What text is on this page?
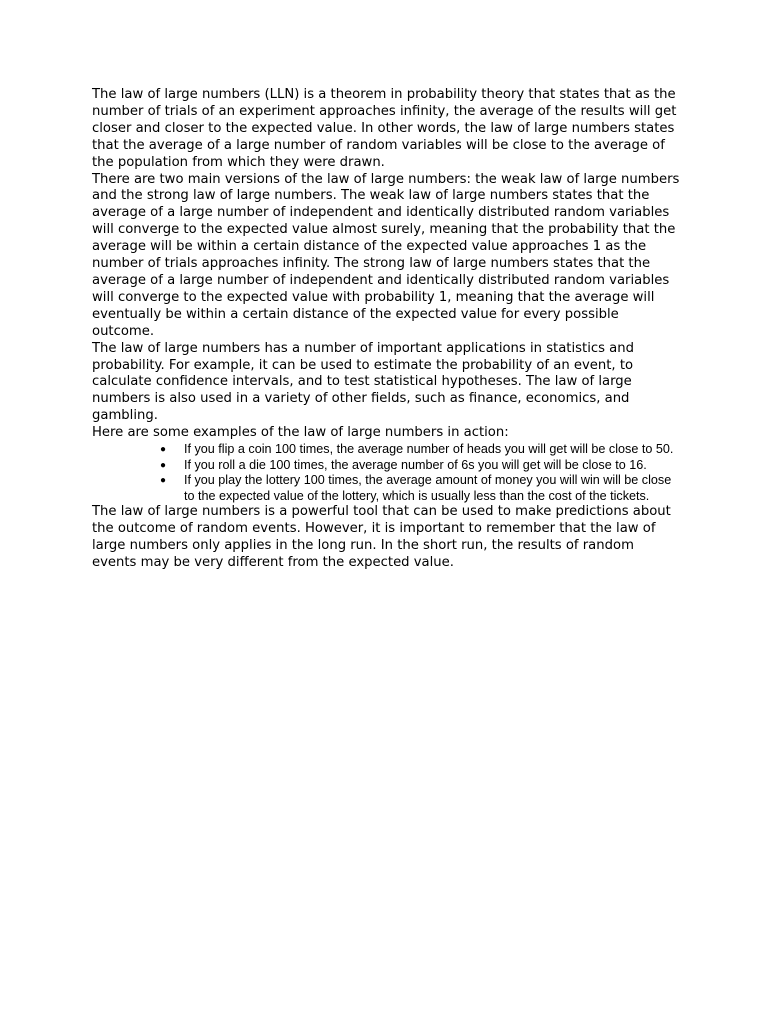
The law of large numbers (LLN) is a theorem in probability theory that states that as the number of trials of an experiment approaches infinity, the average of the results will get closer and closer to the expected value. In other words, the law of large numbers states that the average of a large number of random variables will be close to the average of the population from which they were drawn.

There are two main versions of the law of large numbers: the weak law of large numbers and the strong law of large numbers. The weak law of large numbers states that the average of a large number of independent and identically distributed random variables will converge to the expected value almost surely, meaning that the probability that the average will be within a certain distance of the expected value approaches 1 as the number of trials approaches infinity. The strong law of large numbers states that the average of a large number of independent and identically distributed random variables will converge to the expected value with probability 1, meaning that the average will eventually be within a certain distance of the expected value for every possible outcome.

The law of large numbers has a number of important applications in statistics and probability. For example, it can be used to estimate the probability of an event, to calculate confidence intervals, and to test statistical hypotheses. The law of large numbers is also used in a variety of other fields, such as finance, economics, and gambling.

Here are some examples of the law of large numbers in action:

● If you flip a coin 100 times, the average number of heads you will get will be close to 50.
● If you roll a die 100 times, the average number of 6s you will get will be close to 16.
● If you play the lottery 100 times, the average amount of money you will win will be close to the expected value of the lottery, which is usually less than the cost of the tickets.

The law of large numbers is a powerful tool that can be used to make predictions about the outcome of random events. However, it is important to remember that the law of large numbers only applies in the long run. In the short run, the results of random events may be very different from the expected value.
